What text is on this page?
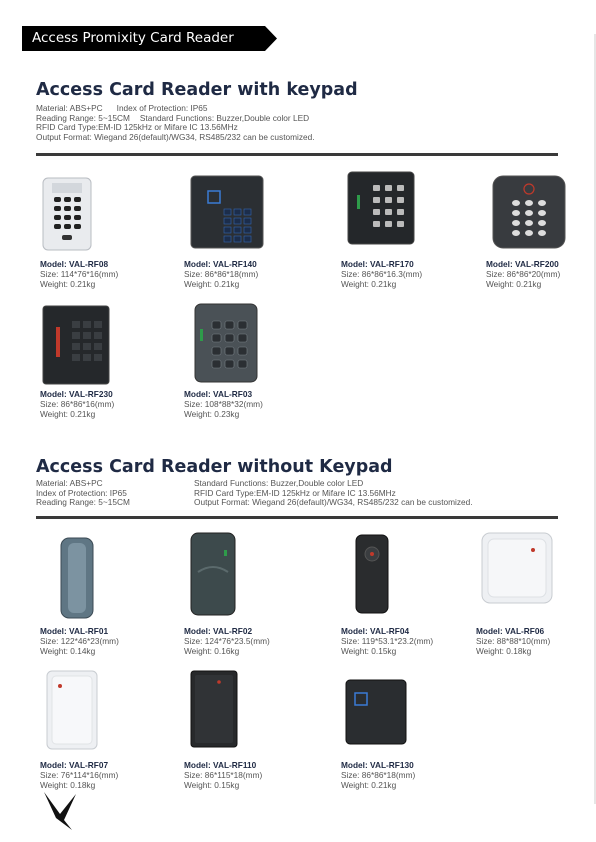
Access Promixity Card Reader
Access Card Reader with keypad
Material: ABS+PC Index of Protection: IP65
Reading Range: 5~15CM Standard Functions: Buzzer,Double color LED
RFID Card Type:EM-ID 125kHz or Mifare IC 13.56MHz
Output Format: Wiegand 26(default)/WG34, RS485/232 can be customized.
Model: VAL-RF08
Size: 114*76*16(mm)
Weight: 0.21kg
Model: VAL-RF140
Size: 86*86*18(mm)
Weight: 0.21kg
Model: VAL-RF170
Size: 86*86*16.3(mm)
Weight: 0.21kg
Model: VAL-RF200
Size: 86*86*20(mm)
Weight: 0.21kg
Model: VAL-RF230
Size: 86*86*16(mm)
Weight: 0.21kg
Model: VAL-RF03
Size: 108*88*32(mm)
Weight: 0.23kg
Access Card Reader without Keypad
Material: ABS+PC
Index of Protection: IP65
Reading Range: 5~15CM
Standard Functions: Buzzer,Double color LED
RFID Card Type:EM-ID 125kHz or Mifare IC 13.56MHz
Output Format: Wiegand 26(default)/WG34, RS485/232 can be customized.
Model: VAL-RF01
Size: 122*46*23(mm)
Weight: 0.14kg
Model: VAL-RF02
Size: 124*76*23.5(mm)
Weight: 0.16kg
Model: VAL-RF04
Size: 119*53.1*23.2(mm)
Weight: 0.15kg
Model: VAL-RF06
Size: 88*88*10(mm)
Weight: 0.18kg
Model: VAL-RF07
Size: 76*114*16(mm)
Weight: 0.18kg
Model: VAL-RF110
Size: 86*115*18(mm)
Weight: 0.15kg
Model: VAL-RF130
Size: 86*86*18(mm)
Weight: 0.21kg
